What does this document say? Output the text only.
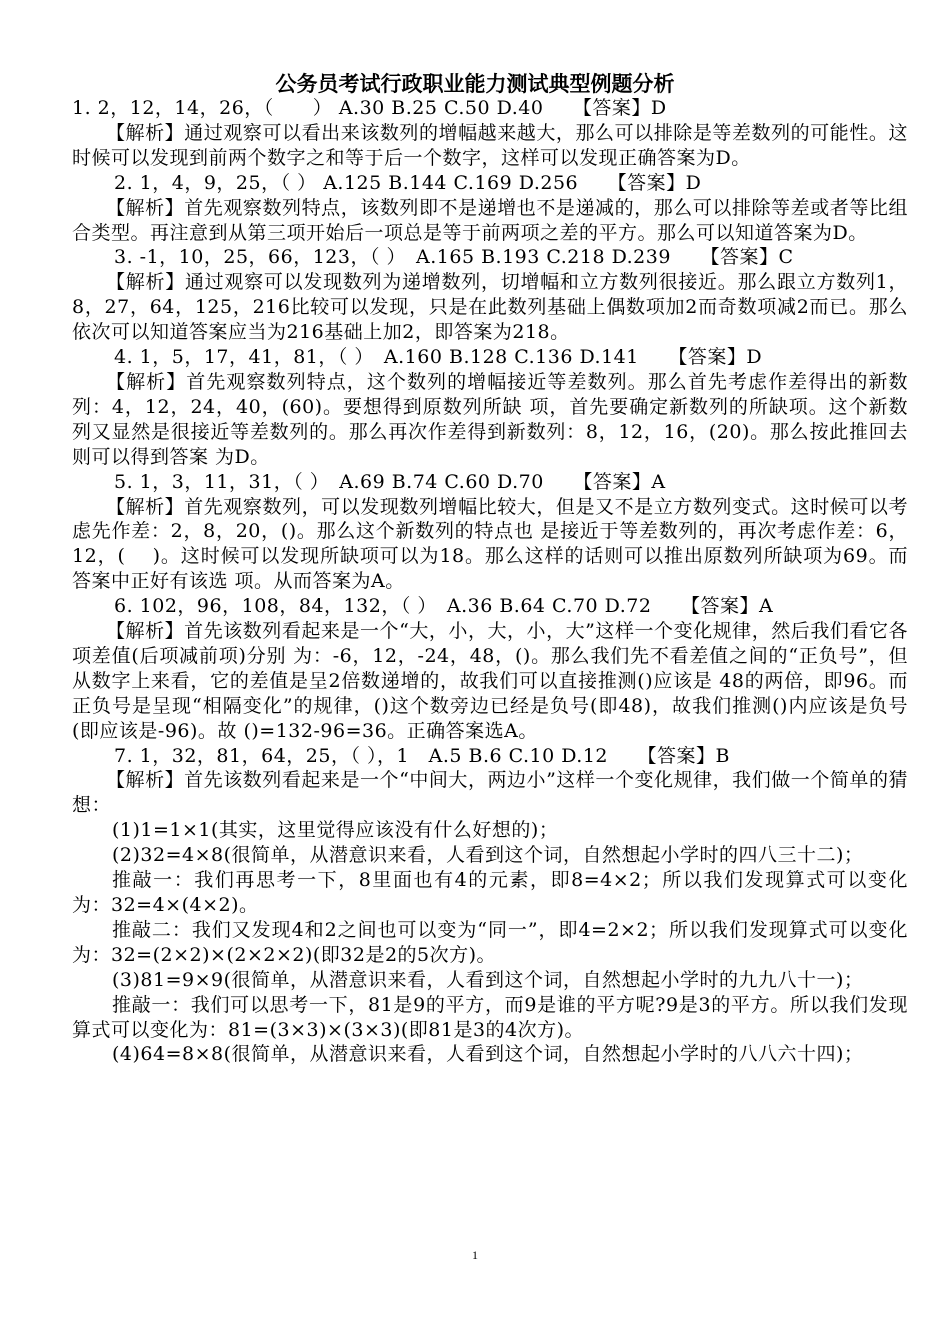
公务员考试行政职业能力测试典型例题分析

1. 2，12，14，26，（　　） A.30 B.25 C.50 D.40　　【答案】D

【解析】通过观察可以看出来该数列的增幅越来越大，那么可以排除是等差数列的可能性。这时候可以发现到前两个数字之和等于后一个数字，这样可以发现正确答案为D。

2. 1，4，9，25，（ ） A.125 B.144 C.169 D.256　　【答案】D

【解析】首先观察数列特点，该数列即不是递增也不是递减的，那么可以排除等差或者等比组合类型。再注意到从第三项开始后一项总是等于前两项之差的平方。那么可以知道答案为D。

3. -1，10，25，66，123，（ ）　A.165 B.193 C.218 D.239　　【答案】C

【解析】通过观察可以发现数列为递增数列，切增幅和立方数列很接近。那么跟立方数列1，8，27，64，125，216比较可以发现，只是在此数列基础上偶数项加2而奇数项减2而已。那么依次可以知道答案应当为216基础上加2，即答案为218。

4. 1，5，17，41，81，（ ）　A.160 B.128 C.136 D.141　　【答案】D

【解析】首先观察数列特点，这个数列的增幅接近等差数列。那么首先考虑作差得出的新数列：4，12，24，40，(60)。要想得到原数列所缺 项，首先要确定新数列的所缺项。这个新数列又显然是很接近等差数列的。那么再次作差得到新数列：8，12，16，(20)。那么按此推回去则可以得到答案 为D。

5. 1，3，11，31，（ ）　A.69 B.74 C.60 D.70　　【答案】A

【解析】首先观察数列，可以发现数列增幅比较大，但是又不是立方数列变式。这时候可以考虑先作差：2，8，20，()。那么这个新数列的特点也 是接近于等差数列的，再次考虑作差：6，12，(　 )。这时候可以发现所缺项可以为18。那么这样的话则可以推出原数列所缺项为69。而答案中正好有该选 项。从而答案为A。

6. 102，96，108，84，132，（ ）　A.36 B.64 C.70 D.72　　【答案】A

【解析】首先该数列看起来是一个“大，小，大，小，大”这样一个变化规律，然后我们看它各项差值(后项减前项)分别 为：-6，12，-24，48，()。那么我们先不看差值之间的“正负号”，但从数字上来看，它的差值是呈2倍数递增的，故我们可以直接推测()应该是 48的两倍，即96。而正负号是呈现“相隔变化”的规律，()这个数旁边已经是负号(即48)，故我们推测()内应该是负号(即应该是-96)。故 ()=132-96=36。正确答案选A。

7. 1，32，81，64，25，（ ），1　A.5 B.6 C.10 D.12　　【答案】B

【解析】首先该数列看起来是一个“中间大，两边小”这样一个变化规律，我们做一个简单的猜想：

(1)1=1×1(其实，这里觉得应该没有什么好想的)；

(2)32=4×8(很简单，从潜意识来看，人看到这个词，自然想起小学时的四八三十二)；

推敲一：我们再思考一下，8里面也有4的元素，即8=4×2；所以我们发现算式可以变化为：32=4×(4×2)。

推敲二：我们又发现4和2之间也可以变为“同一”，即4=2×2；所以我们发现算式可以变化为：32=(2×2)×(2×2×2)(即32是2的5次方)。

(3)81=9×9(很简单，从潜意识来看，人看到这个词，自然想起小学时的九九八十一)；

推敲一：我们可以思考一下，81是9的平方，而9是谁的平方呢?9是3的平方。所以我们发现算式可以变化为：81=(3×3)×(3×3)(即81是3的4次方)。

(4)64=8×8(很简单，从潜意识来看，人看到这个词，自然想起小学时的八八六十四)；

1
